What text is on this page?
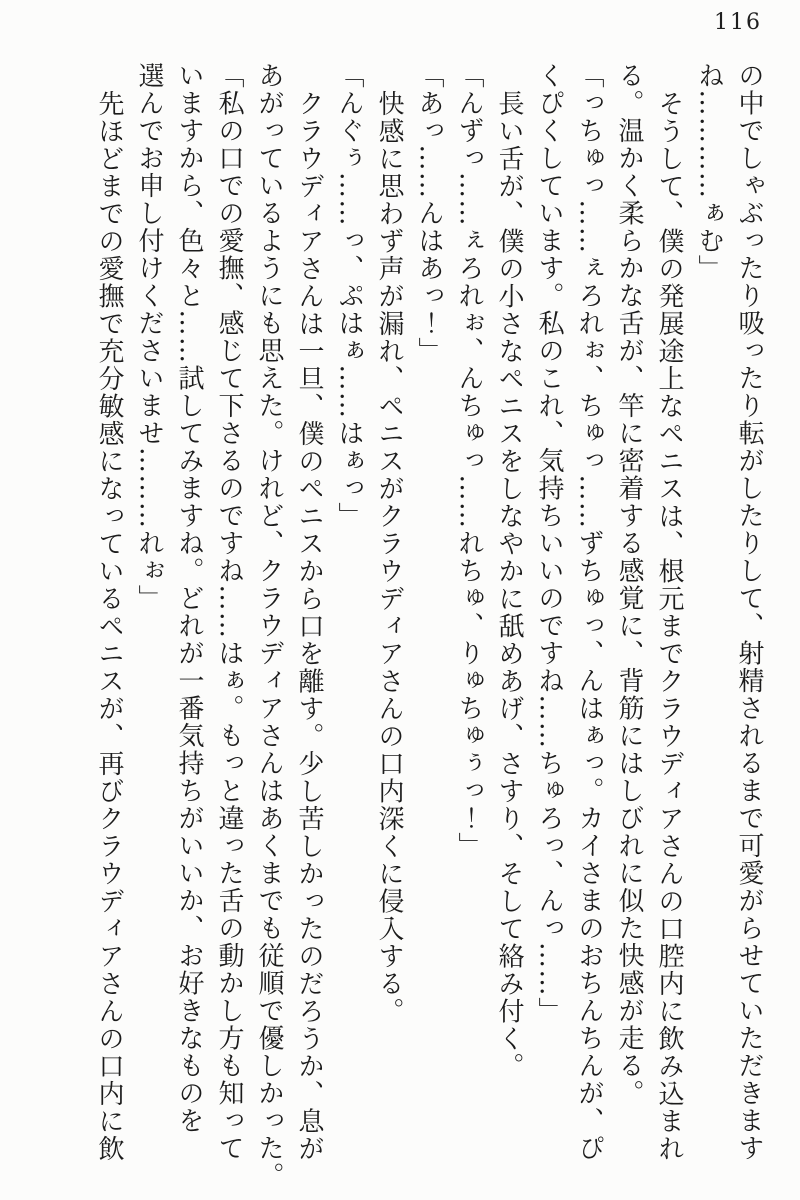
116
の中でしゃぶったり吸ったり転がしたりして、射精されるまで可愛がらせていただきます
ね…………ぁむ」
そうして、僕の発展途上なペニスは、根元までクラウディアさんの口腔内に飲み込まれ
る。温かく柔らかな舌が、竿に密着する感覚に、背筋にはしびれに似た快感が走る。
「っちゅっ……ぇろれぉ、ちゅっ……ずちゅっ、んはぁっ。カイさまのおちんちんが、ぴ
くぴくしています。私のこれ、気持ちいいのですね……ちゅろっ、んっ……」
長い舌が、僕の小さなペニスをしなやかに舐めあげ、さすり、そして絡み付く。
「んずっ……ぇろれぉ、んちゅっ……れちゅ、りゅちゅぅっ！」
「あっ……んはあっ！」
快感に思わず声が漏れ、ペニスがクラウディアさんの口内深くに侵入する。
「んぐぅ……っ、ぷはぁ……はぁっ」
クラウディアさんは一旦、僕のペニスから口を離す。少し苦しかったのだろうか、息が
あがっているようにも思えた。けれど、クラウディアさんはあくまでも従順で優しかった。
「私の口での愛撫、感じて下さるのですね……はぁ。もっと違った舌の動かし方も知って
いますから、色々と……試してみますね。どれが一番気持ちがいいか、お好きなものを
選んでお申し付けくださいませ………れぉ」
先ほどまでの愛撫で充分敏感になっているペニスが、再びクラウディアさんの口内に飲
